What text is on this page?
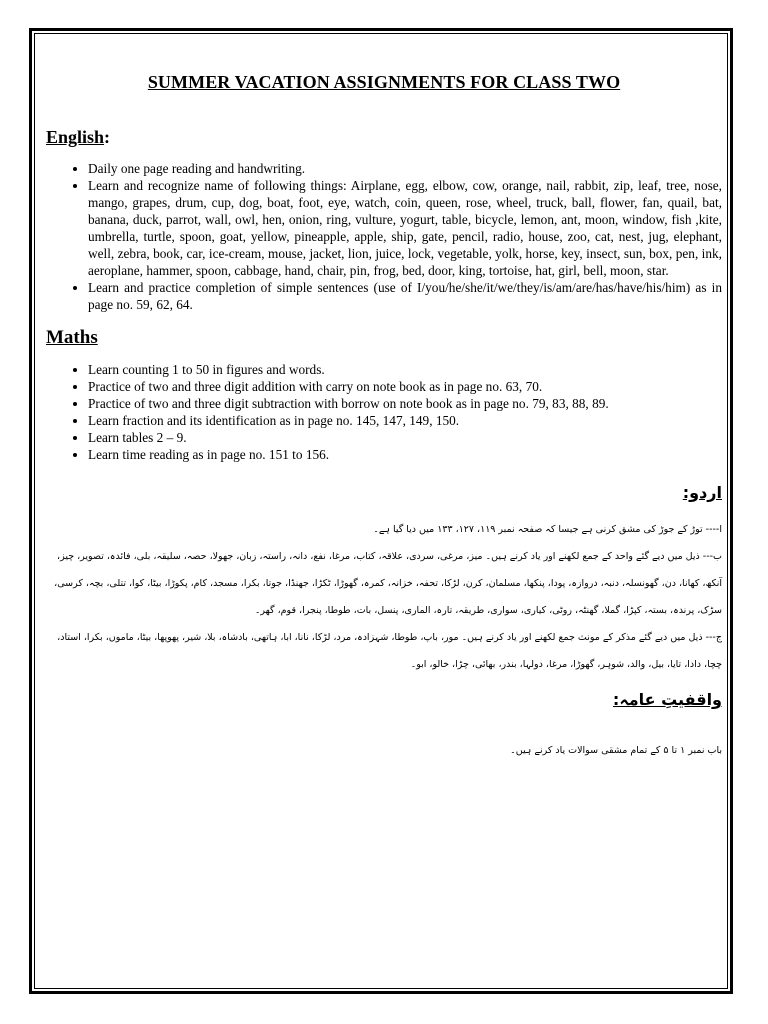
SUMMER VACATION ASSIGNMENTS FOR CLASS TWO
English:
• Daily one page reading and handwriting.
• Learn and recognize name of following things: Airplane, egg, elbow, cow, orange, nail, rabbit, zip, leaf, tree, nose, mango, grapes, drum, cup, dog, boat, foot, eye, watch, coin, queen, rose, wheel, truck, ball, flower, fan, quail, bat, banana, duck, parrot, wall, owl, hen, onion, ring, vulture, yogurt, table, bicycle, lemon, ant, moon, window, fish ,kite, umbrella, turtle, spoon, goat, yellow, pineapple, apple, ship, gate, pencil, radio, house, zoo, cat, nest, jug, elephant, well, zebra, book, car, ice-cream, mouse, jacket, lion, juice, lock, vegetable, yolk, horse, key, insect, sun, box, pen, ink, aeroplane, hammer, spoon, cabbage, hand, chair, pin, frog, bed, door, king, tortoise, hat, girl, bell, moon, star.
• Learn and practice completion of simple sentences (use of I/you/he/she/it/we/they/is/am/are/has/have/his/him) as in page no. 59, 62, 64.
Maths
• Learn counting 1 to 50 in figures and words.
• Practice of two and three digit addition with carry on note book as in page no. 63, 70.
• Practice of two and three digit subtraction with borrow on note book as in page no. 79, 83, 88, 89.
• Learn fraction and its identification as in page no. 145, 147, 149, 150.
• Learn tables 2 – 9.
• Learn time reading as in page no. 151 to 156.
اردو:

ا---- توڑ کے جوڑ کی مشق کرنی ہے جیسا کہ صفحہ نمبر ۱۱۹، ۱۲۷، ۱۳۳ میں دیا گیا ہے۔

ب--- ذیل میں دیے گئے واحد کے جمع لکھنے اور یاد کرنے ہیں۔ میز، مرغی، سردی، علاقہ، کتاب، مرغا، نفع، دانہ، راستہ، زبان، جھولا، حصہ، سلیقہ، بلی، فائدہ، تصویر، چیز، آنکھ، کھانا، دن، گھونسلہ، دنبہ، دروازہ، پودا، پنکھا، مسلمان، کرن، لڑکا، تحفہ، خزانہ، کمرہ، گھوڑا، ٹکڑا، جھنڈا، جوتا، بکرا، مسجد، کام، پکوڑا، بیٹا، کوا، تتلی، بچہ، کرسی، سڑک، پرندہ، بستہ، کپڑا، گملا، گھنٹہ، روٹی، کیاری، سواری، طریقہ، تارہ، الماری، پنسل، بات، طوطا، پنجرا، قوم، گھر۔

ج--- ذیل میں دیے گئے مذکر کے مونث جمع لکھنے اور یاد کرنے ہیں۔ مور، باپ، طوطا، شہزادہ، مرد، لڑکا، نانا، ابا، ہاتھی، بادشاہ، بلا، شیر، پھوپھا، بیٹا، ماموں، بکرا، استاد، چچا، دادا، تایا، بیل، والد، شوہر، گھوڑا، مرغا، دولہا، بندر، بھائی، چڑا، خالو، ابو۔

واقفیتِ عامہ:

باب نمبر ۱ تا ۵ کے تمام مشقی سوالات یاد کرنے ہیں۔
